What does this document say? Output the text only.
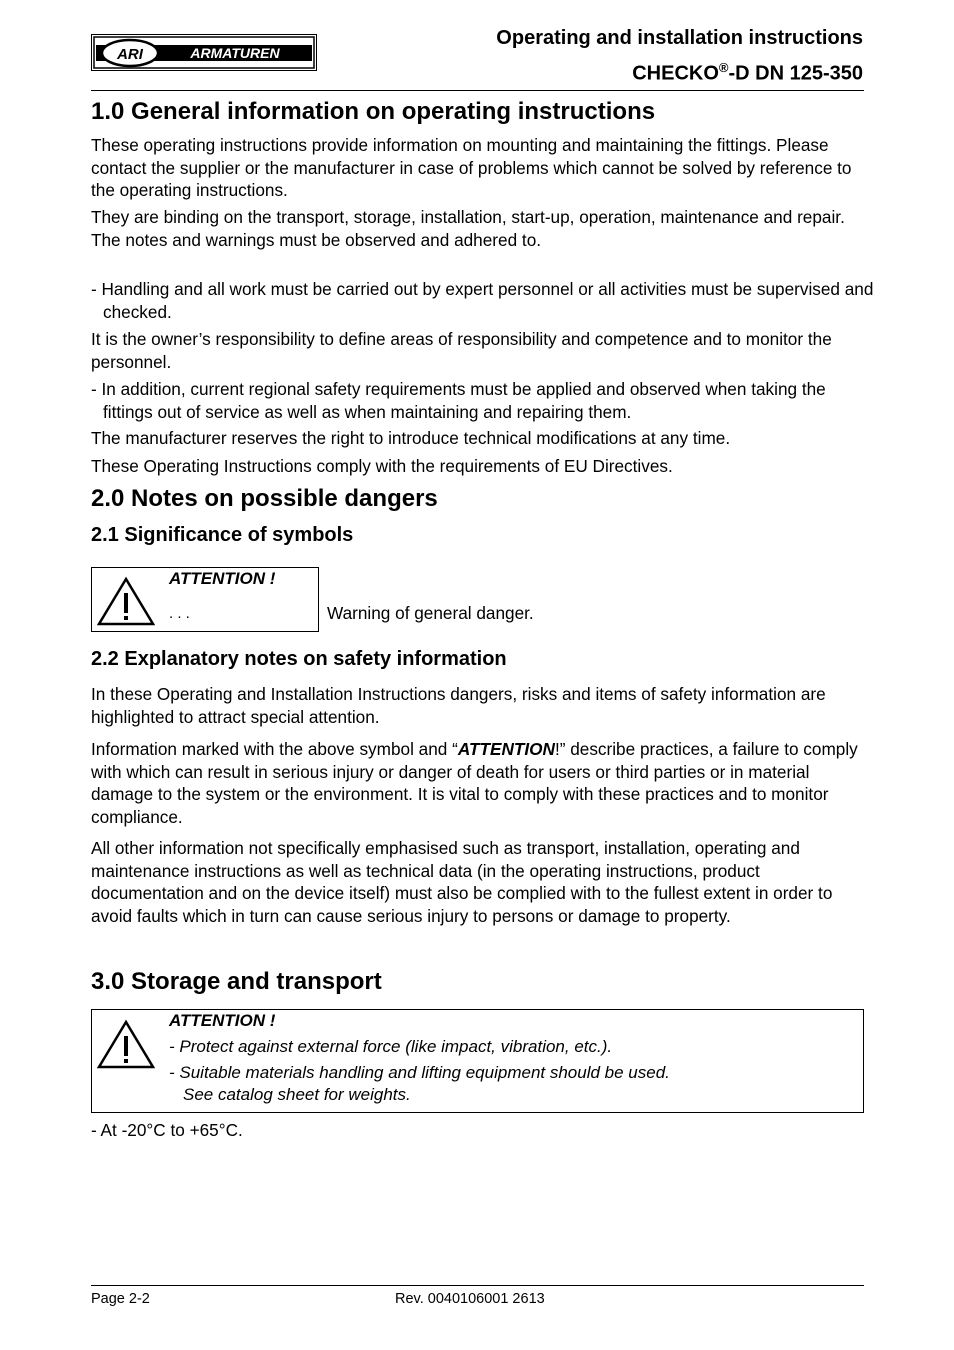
ARI	ARMATUREN
Operating and installation instructions
CHECKO®-D DN 125-350
1.0 General information on operating instructions

These operating instructions provide information on mounting and maintaining the fittings. Please contact the supplier or the manufacturer in case of problems which cannot be solved by reference to the operating instructions.

They are binding on the transport, storage, installation, start-up, operation, maintenance and repair.
The notes and warnings must be observed and adhered to.

- Handling and all work must be carried out by expert personnel or all activities must be supervised and checked.

It is the owner’s responsibility to define areas of responsibility and competence and to monitor the personnel.

- In addition, current regional safety requirements must be applied and observed when taking the fittings out of service as well as when maintaining and repairing them.

The manufacturer reserves the right to introduce technical modifications at any time.

These Operating Instructions comply with the requirements of EU Directives.

2.0 Notes on possible dangers
2.1 Significance of symbols
ATTENTION !
. . .	Warning of general danger.
2.2 Explanatory notes on safety information

In these Operating and Installation Instructions dangers, risks and items of safety information are highlighted to attract special attention.

Information marked with the above symbol and “ATTENTION!” describe practices, a failure to comply with which can result in serious injury or danger of death for users or third parties or in material damage to the system or the environment. It is vital to comply with these practices and to monitor compliance.

All other information not specifically emphasised such as transport, installation, operating and maintenance instructions as well as technical data (in the operating instructions, product documentation and on the device itself) must also be complied with to the fullest extent in order to avoid faults which in turn can cause serious injury to persons or damage to property.

3.0 Storage and transport
ATTENTION !
- Protect against external force (like impact, vibration, etc.).
- Suitable materials handling and lifting equipment should be used.
See catalog sheet for weights.
- At -20°C to +65°C.
Page 2-2	Rev. 0040106001 2613
